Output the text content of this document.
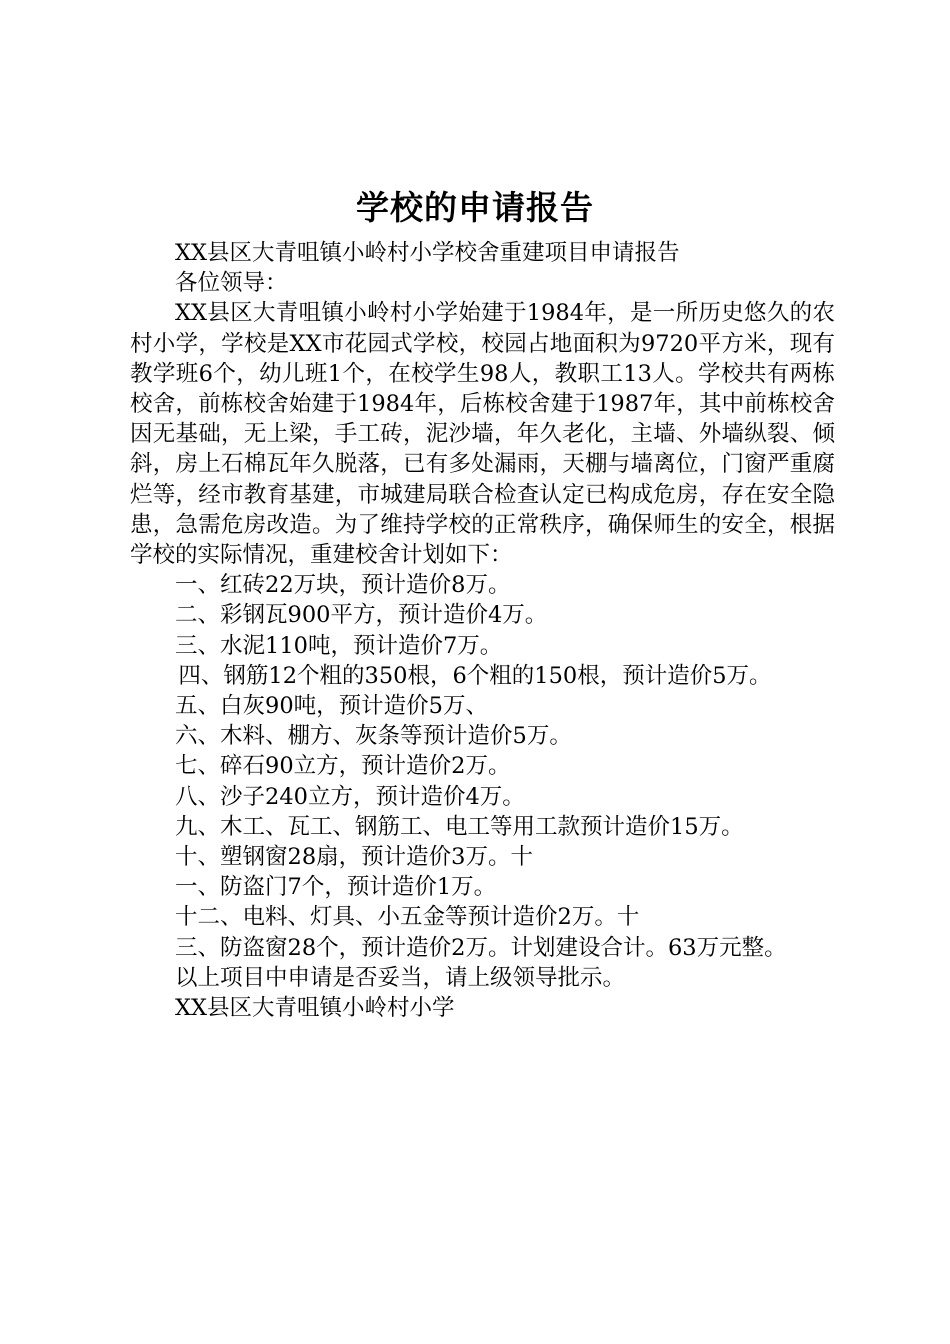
学校的申请报告

XX县区大青咀镇小岭村小学校舍重建项目申请报告

各位领导：

XX县区大青咀镇小岭村小学始建于1984年，是一所历史悠久的农村小学，学校是XX市花园式学校，校园占地面积为9720平方米，现有教学班6个，幼儿班1个，在校学生98人，教职工13人。学校共有两栋校舍，前栋校舍始建于1984年，后栋校舍建于1987年，其中前栋校舍因无基础，无上梁，手工砖，泥沙墙，年久老化，主墙、外墙纵裂、倾斜，房上石棉瓦年久脱落，已有多处漏雨，天棚与墙离位，门窗严重腐烂等，经市教育基建，市城建局联合检查认定已构成危房，存在安全隐患，急需危房改造。为了维持学校的正常秩序，确保师生的安全，根据学校的实际情况，重建校舍计划如下：

一、红砖22万块，预计造价8万。

二、彩钢瓦900平方，预计造价4万。

三、水泥110吨，预计造价7万。

四、钢筋12个粗的350根，6个粗的150根，预计造价5万。

五、白灰90吨，预计造价5万、

六、木料、棚方、灰条等预计造价5万。

七、碎石90立方，预计造价2万。

八、沙子240立方，预计造价4万。

九、木工、瓦工、钢筋工、电工等用工款预计造价15万。

十、塑钢窗28扇，预计造价3万。十

一、防盗门7个，预计造价1万。

十二、电料、灯具、小五金等预计造价2万。十

三、防盗窗28个，预计造价2万。计划建设合计。63万元整。

以上项目中申请是否妥当，请上级领导批示。

XX县区大青咀镇小岭村小学
